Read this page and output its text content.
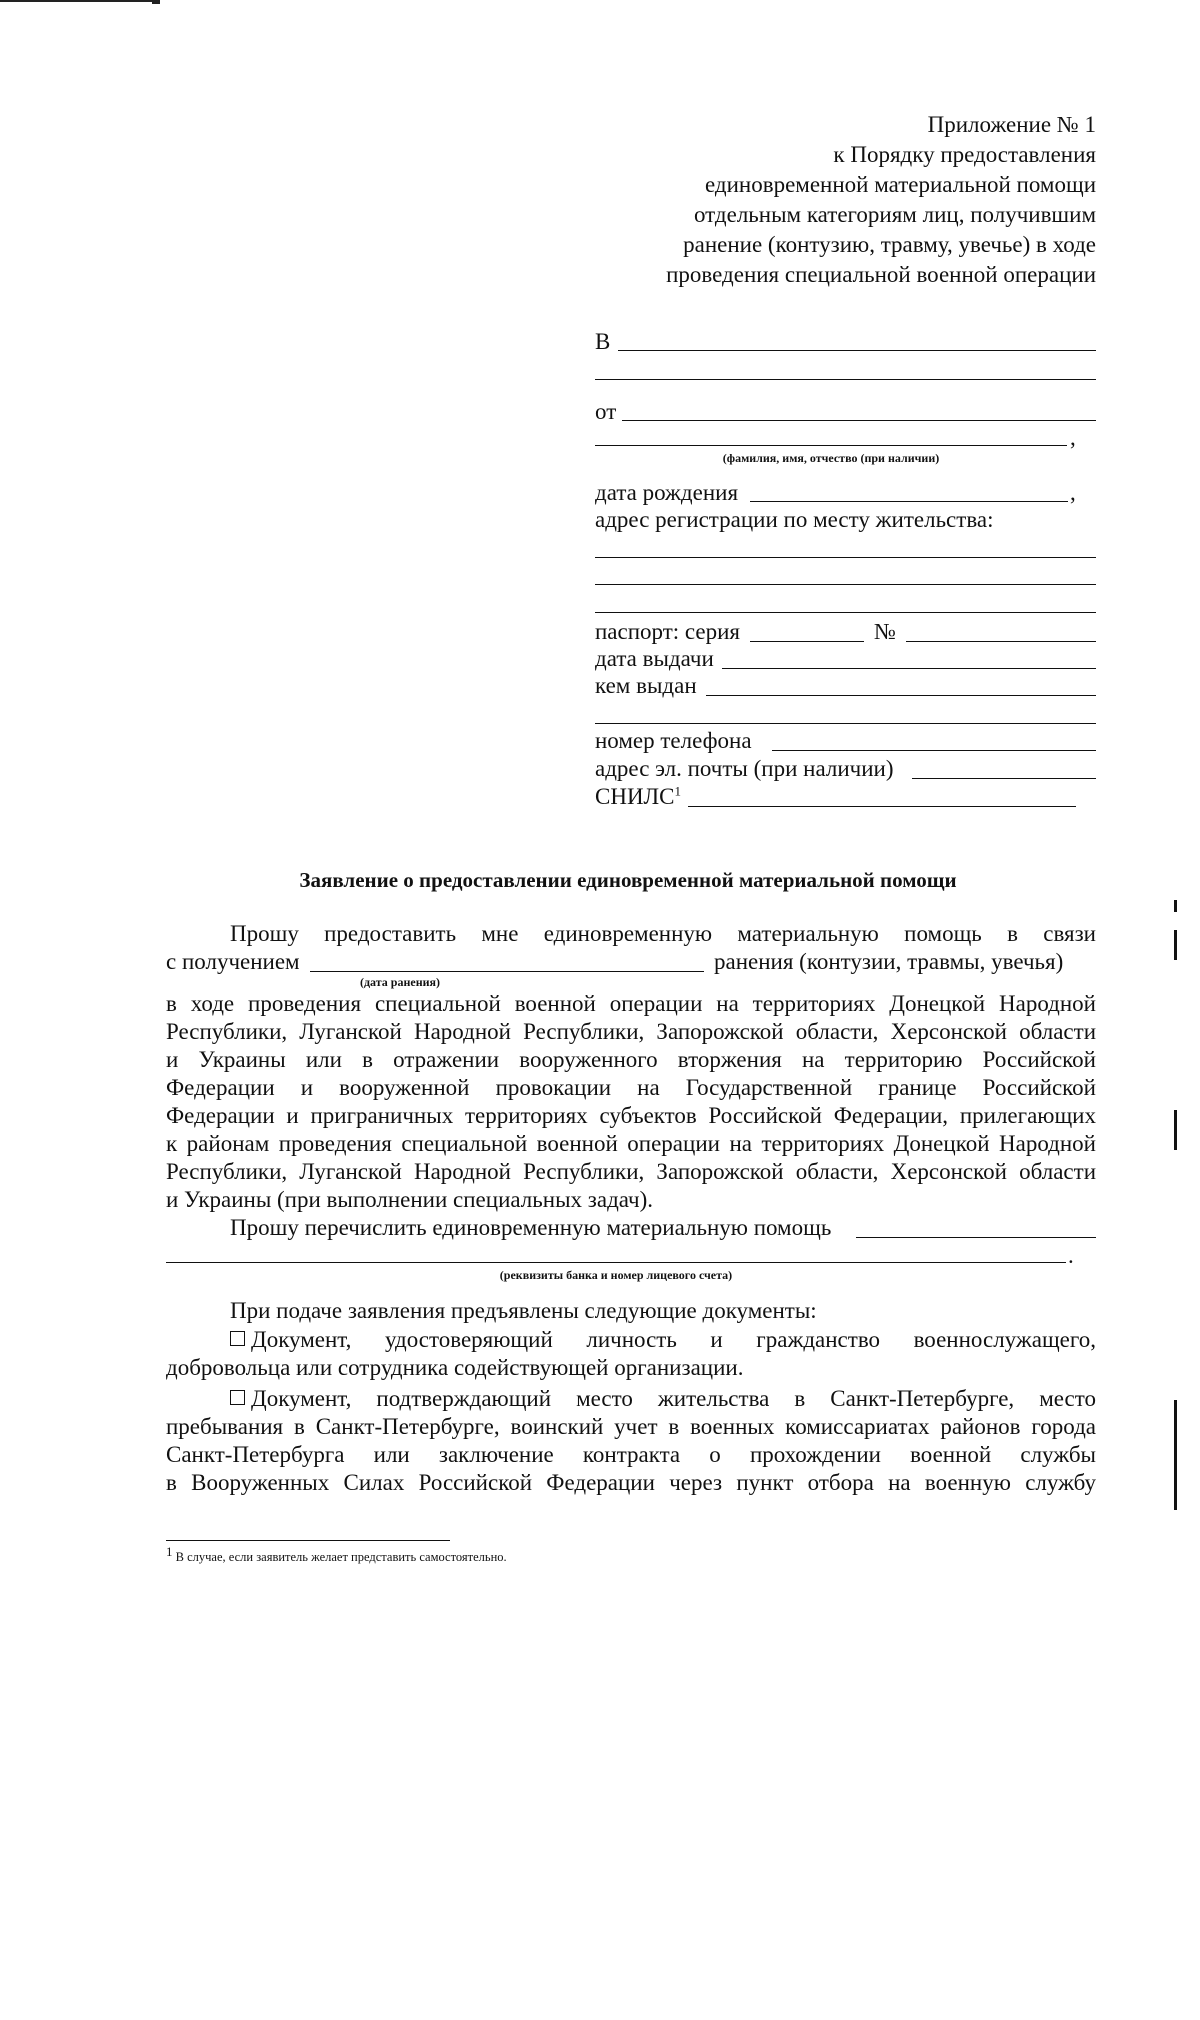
Приложение № 1
к Порядку предоставления
единовременной материальной помощи
отдельным категориям лиц, получившим
ранение (контузию, травму, увечье) в ходе
проведения специальной военной операции
В
от
,
(фамилия, имя, отчество (при наличии)
дата рождения	,
адрес регистрации по месту жительства:
паспорт: серия	№
дата выдачи
кем выдан
номер телефона
адрес эл. почты (при наличии)
СНИЛС$^1$
Заявление о предоставлении единовременной материальной помощи
Прошу предоставить мне единовременную материальную помощь в связи
с получением	ранения (контузии, травмы, увечья)
(дата ранения)
в ходе проведения специальной военной операции на территориях Донецкой Народной
Республики, Луганской Народной Республики, Запорожской области, Херсонской области
и Украины или в отражении вооруженного вторжения на территорию Российской
Федерации и вооруженной провокации на Государственной границе Российской
Федерации и приграничных территориях субъектов Российской Федерации, прилегающих
к районам проведения специальной военной операции на территориях Донецкой Народной
Республики, Луганской Народной Республики, Запорожской области, Херсонской области
и Украины (при выполнении специальных задач).
Прошу перечислить единовременную материальную помощь
.
(реквизиты банка и номер лицевого счета)
При подаче заявления предъявлены следующие документы:
Документ, удостоверяющий личность и гражданство военнослужащего,
добровольца или сотрудника содействующей организации.
Документ, подтверждающий место жительства в Санкт-Петербурге, место
пребывания в Санкт-Петербурге, воинский учет в военных комиссариатах районов города
Санкт-Петербурга или заключение контракта о прохождении военной службы
в Вооруженных Силах Российской Федерации через пункт отбора на военную службу
$^1$ В случае, если заявитель желает представить самостоятельно.
